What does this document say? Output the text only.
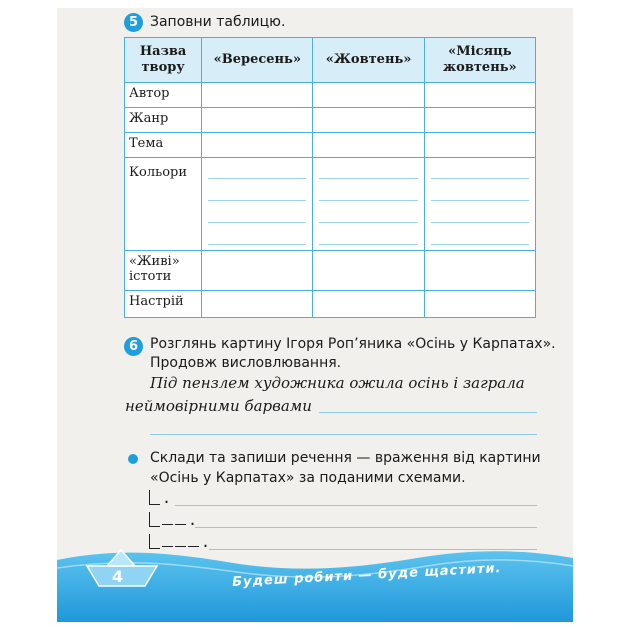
5 Заповни таблицю.
Назва твору	«Вересень»	«Жовтень»	«Місяць жовтень»

Автор			

Жанр			

Тема			

Кольори			

«Живі» істоти			

Настрій			

6 Розглянь картину Ігоря Роп’яника «Осінь у Карпатах».
Продовж висловлювання.
Під пензлем художника ожила осінь і заграла
неймовірними барвами
Склади та запиши речення — враження від картини
«Осінь у Карпатах» за поданими схемами.
.
.
.
4	Будеш робити — буде щастити.
